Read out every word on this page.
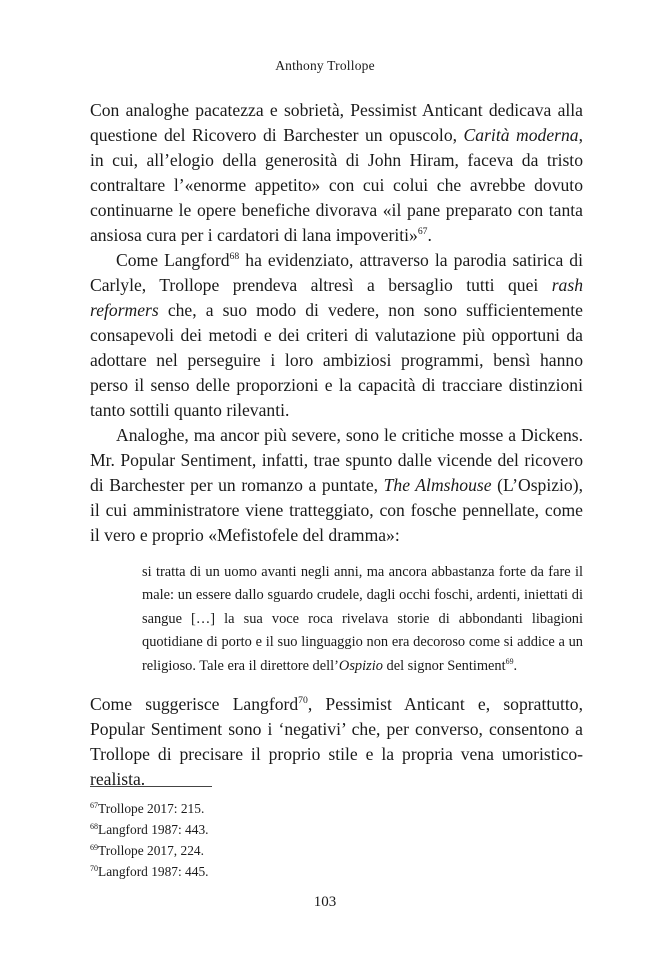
Anthony Trollope

Con analoghe pacatezza e sobrietà, Pessimist Anticant dedicava alla questione del Ricovero di Barchester un opuscolo, Carità moderna, in cui, all’elogio della generosità di John Hiram, faceva da tristo contraltare l’«enorme appetito» con cui colui che avrebbe dovuto continuarne le opere benefiche divorava «il pane preparato con tanta ansiosa cura per i cardatori di lana impoveriti»$^{67}$.

Come Langford$^{68}$ ha evidenziato, attraverso la parodia satirica di Carlyle, Trollope prendeva altresì a bersaglio tutti quei rash reformers che, a suo modo di vedere, non sono sufficientemente consapevoli dei metodi e dei criteri di valutazione più opportuni da adottare nel perseguire i loro ambiziosi programmi, bensì hanno perso il senso delle proporzioni e la capacità di tracciare distinzioni tanto sottili quanto rilevanti.

Analoghe, ma ancor più severe, sono le critiche mosse a Dickens. Mr. Popular Sentiment, infatti, trae spunto dalle vicende del ricovero di Barchester per un romanzo a puntate, The Almshouse (L’Ospizio), il cui amministratore viene tratteggiato, con fosche pennellate, come il vero e proprio «Mefistofele del dramma»:

si tratta di un uomo avanti negli anni, ma ancora abbastanza forte da fare il male: un essere dallo sguardo crudele, dagli occhi foschi, ardenti, iniettati di sangue […] la sua voce roca rivelava storie di abbondanti libagioni quotidiane di porto e il suo linguaggio non era decoroso come si addice a un religioso. Tale era il direttore dell’Ospizio del signor Sentiment$^{69}$.

Come suggerisce Langford$^{70}$, Pessimist Anticant e, soprattutto, Popular Sentiment sono i ‘negativi’ che, per converso, consentono a Trollope di precisare il proprio stile e la propria vena umoristico-realista.

$^{67}$Trollope 2017: 215.
$^{68}$Langford 1987: 443.
$^{69}$Trollope 2017, 224.
$^{70}$Langford 1987: 445.
103
